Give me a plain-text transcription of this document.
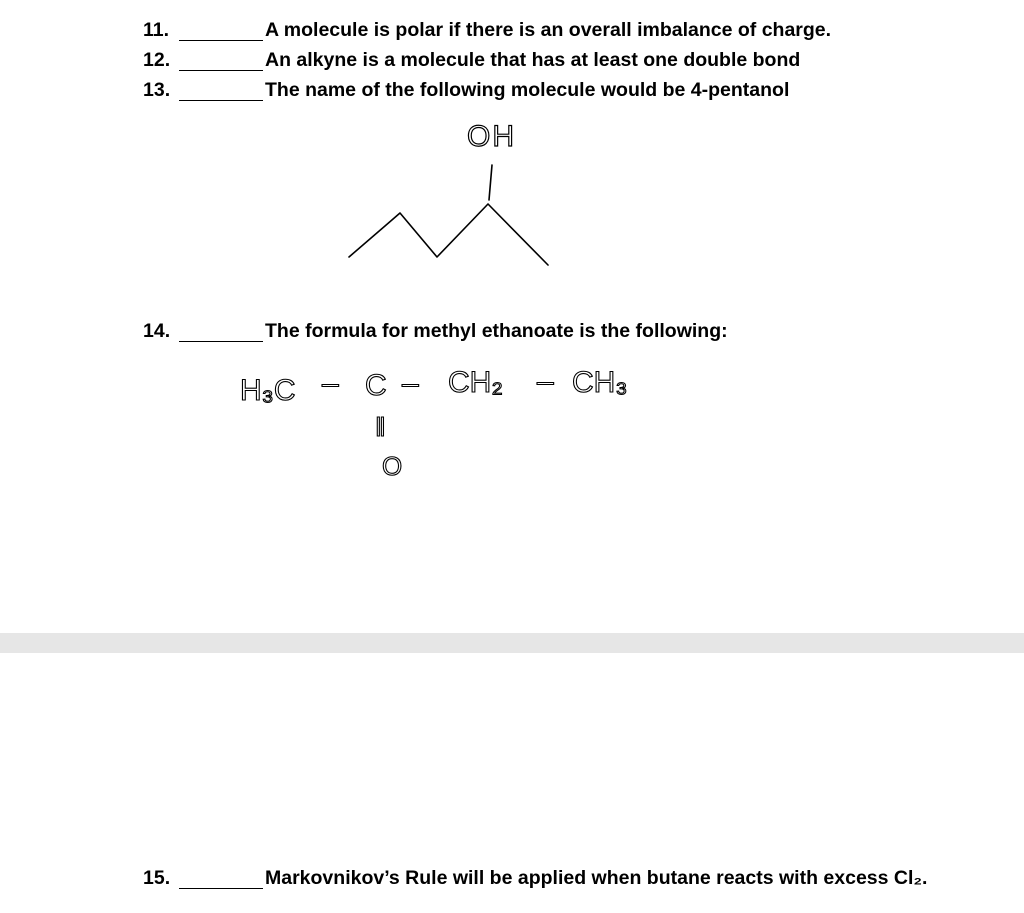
11.	A molecule is polar if there is an overall imbalance of charge.
12.	An alkyne is a molecule that has at least one double bond
13.	The name of the following molecule would be 4-pentanol
OH
14.	The formula for methyl ethanoate is the following:
H₃C – C – CH₂ – CH₃
‖
O
15.	Markovnikov’s Rule will be applied when butane reacts with excess Cl₂.
